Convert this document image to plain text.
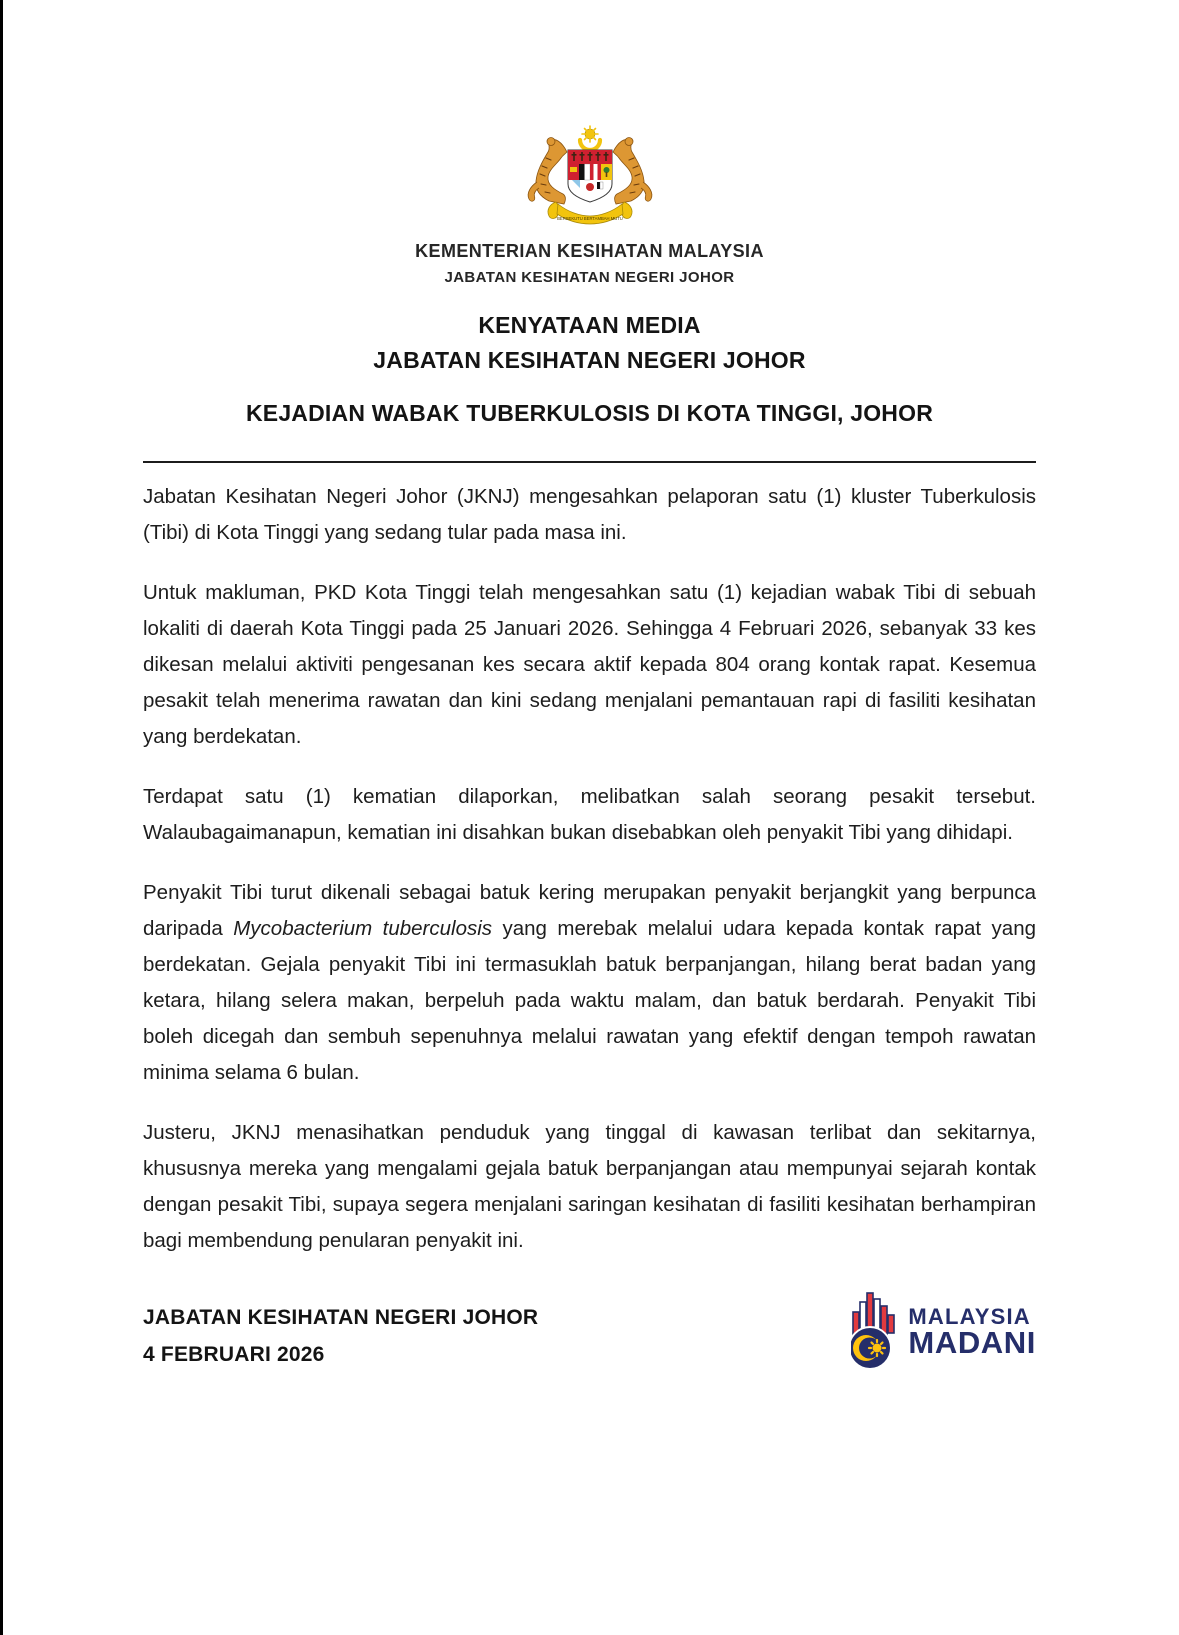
BERSEKUTU BERTAMBAH MUTU
KEMENTERIAN KESIHATAN MALAYSIA
JABATAN KESIHATAN NEGERI JOHOR
KENYATAAN MEDIA
JABATAN KESIHATAN NEGERI JOHOR
KEJADIAN WABAK TUBERKULOSIS DI KOTA TINGGI, JOHOR

Jabatan Kesihatan Negeri Johor (JKNJ) mengesahkan pelaporan satu (1) kluster Tuberkulosis (Tibi) di Kota Tinggi yang sedang tular pada masa ini.

Untuk makluman, PKD Kota Tinggi telah mengesahkan satu (1) kejadian wabak Tibi di sebuah lokaliti di daerah Kota Tinggi pada 25 Januari 2026. Sehingga 4 Februari 2026, sebanyak 33 kes dikesan melalui aktiviti pengesanan kes secara aktif kepada 804 orang kontak rapat. Kesemua pesakit telah menerima rawatan dan kini sedang menjalani pemantauan rapi di fasiliti kesihatan yang berdekatan.

Terdapat satu (1) kematian dilaporkan, melibatkan salah seorang pesakit tersebut. Walaubagaimanapun, kematian ini disahkan bukan disebabkan oleh penyakit Tibi yang dihidapi.

Penyakit Tibi turut dikenali sebagai batuk kering merupakan penyakit berjangkit yang berpunca daripada Mycobacterium tuberculosis yang merebak melalui udara kepada kontak rapat yang berdekatan. Gejala penyakit Tibi ini termasuklah batuk berpanjangan, hilang berat badan yang ketara, hilang selera makan, berpeluh pada waktu malam, dan batuk berdarah. Penyakit Tibi boleh dicegah dan sembuh sepenuhnya melalui rawatan yang efektif dengan tempoh rawatan minima selama 6 bulan.

Justeru, JKNJ menasihatkan penduduk yang tinggal di kawasan terlibat dan sekitarnya, khususnya mereka yang mengalami gejala batuk berpanjangan atau mempunyai sejarah kontak dengan pesakit Tibi, supaya segera menjalani saringan kesihatan di fasiliti kesihatan berhampiran bagi membendung penularan penyakit ini.

JABATAN KESIHATAN NEGERI JOHOR
4 FEBRUARI 2026
MALAYSIA
MADANI
